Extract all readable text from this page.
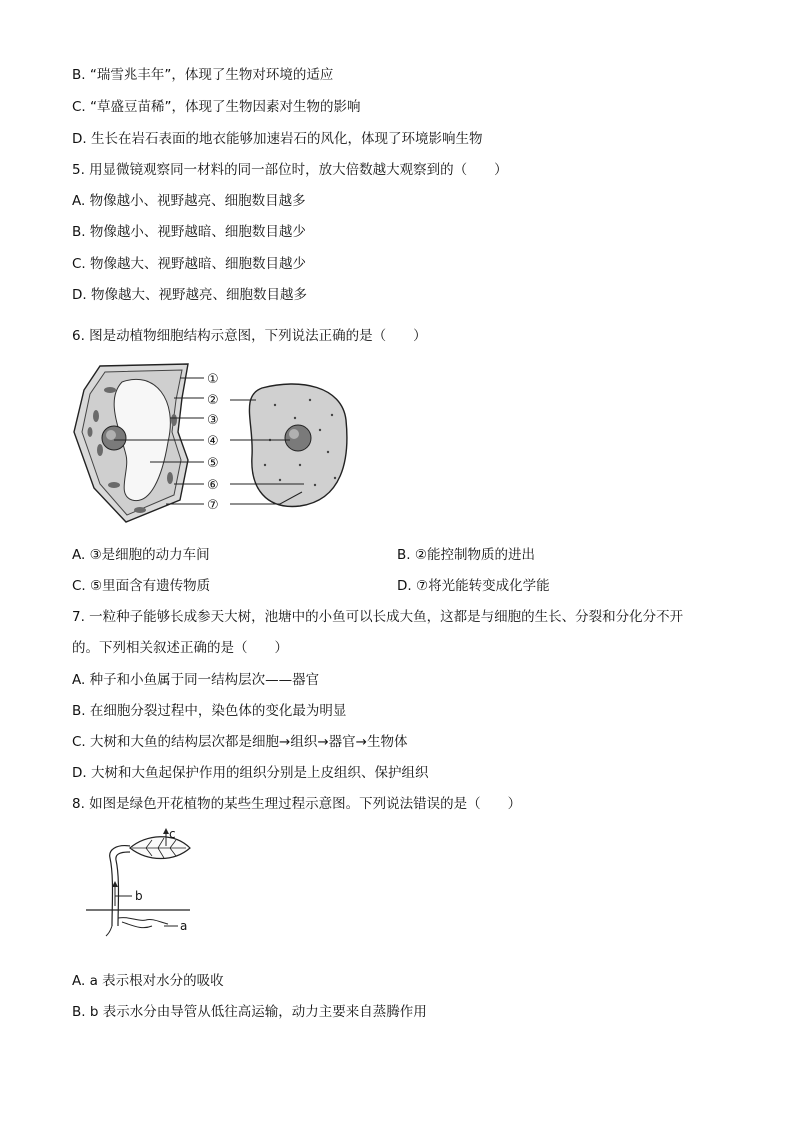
B. “瑞雪兆丰年”，体现了生物对环境的适应
C. “草盛豆苗稀”，体现了生物因素对生物的影响
D. 生长在岩石表面的地衣能够加速岩石的风化，体现了环境影响生物
5. 用显微镜观察同一材料的同一部位时，放大倍数越大观察到的（　　）
A. 物像越小、视野越亮、细胞数目越多
B. 物像越小、视野越暗、细胞数目越少
C. 物像越大、视野越暗、细胞数目越少
D. 物像越大、视野越亮、细胞数目越多
6. 图是动植物细胞结构示意图，下列说法正确的是（　　）
①
②
③
④
⑤
⑥
⑦
A. ③是细胞的动力车间	B. ②能控制物质的进出
C. ⑤里面含有遗传物质	D. ⑦将光能转变成化学能
7. 一粒种子能够长成参天大树，池塘中的小鱼可以长成大鱼，这都是与细胞的生长、分裂和分化分不开
的。下列相关叙述正确的是（　　）
A. 种子和小鱼属于同一结构层次——器官
B. 在细胞分裂过程中，染色体的变化最为明显
C. 大树和大鱼的结构层次都是细胞→组织→器官→生物体
D. 大树和大鱼起保护作用的组织分别是上皮组织、保护组织
8. 如图是绿色开花植物的某些生理过程示意图。下列说法错误的是（　　）
c
b
a
A. a 表示根对水分的吸收
B. b 表示水分由导管从低往高运输，动力主要来自蒸腾作用
